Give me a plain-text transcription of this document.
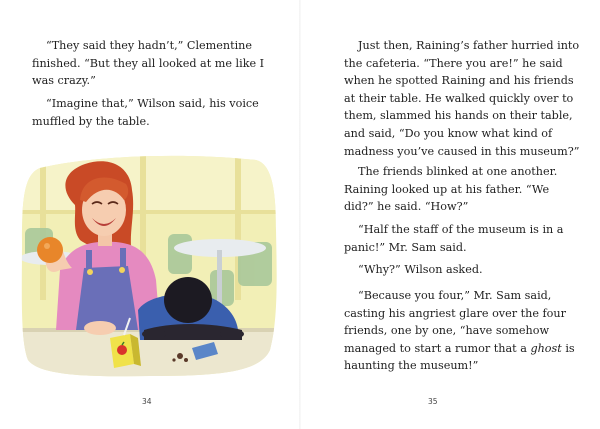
“They said they hadn’t,” Clementine finished. “But they all looked at me like I was crazy.”

“Imagine that,” Wilson said, his voice muffled by the table.

34

Just then, Raining’s father hurried into the cafeteria. “There you are!” he said when he spotted Raining and his friends at their table. He walked quickly over to them, slammed his hands on their table, and said, “Do you know what kind of madness you’ve caused in this museum?”

The friends blinked at one another. Raining looked up at his father. “We did?” he said. “How?”

“Half the staff of the museum is in a panic!” Mr. Sam said.

“Why?” Wilson asked.

“Because you four,” Mr. Sam said, casting his angriest glare over the four friends, one by one, “have somehow managed to start a rumor that a ghost is haunting the museum!”

35
